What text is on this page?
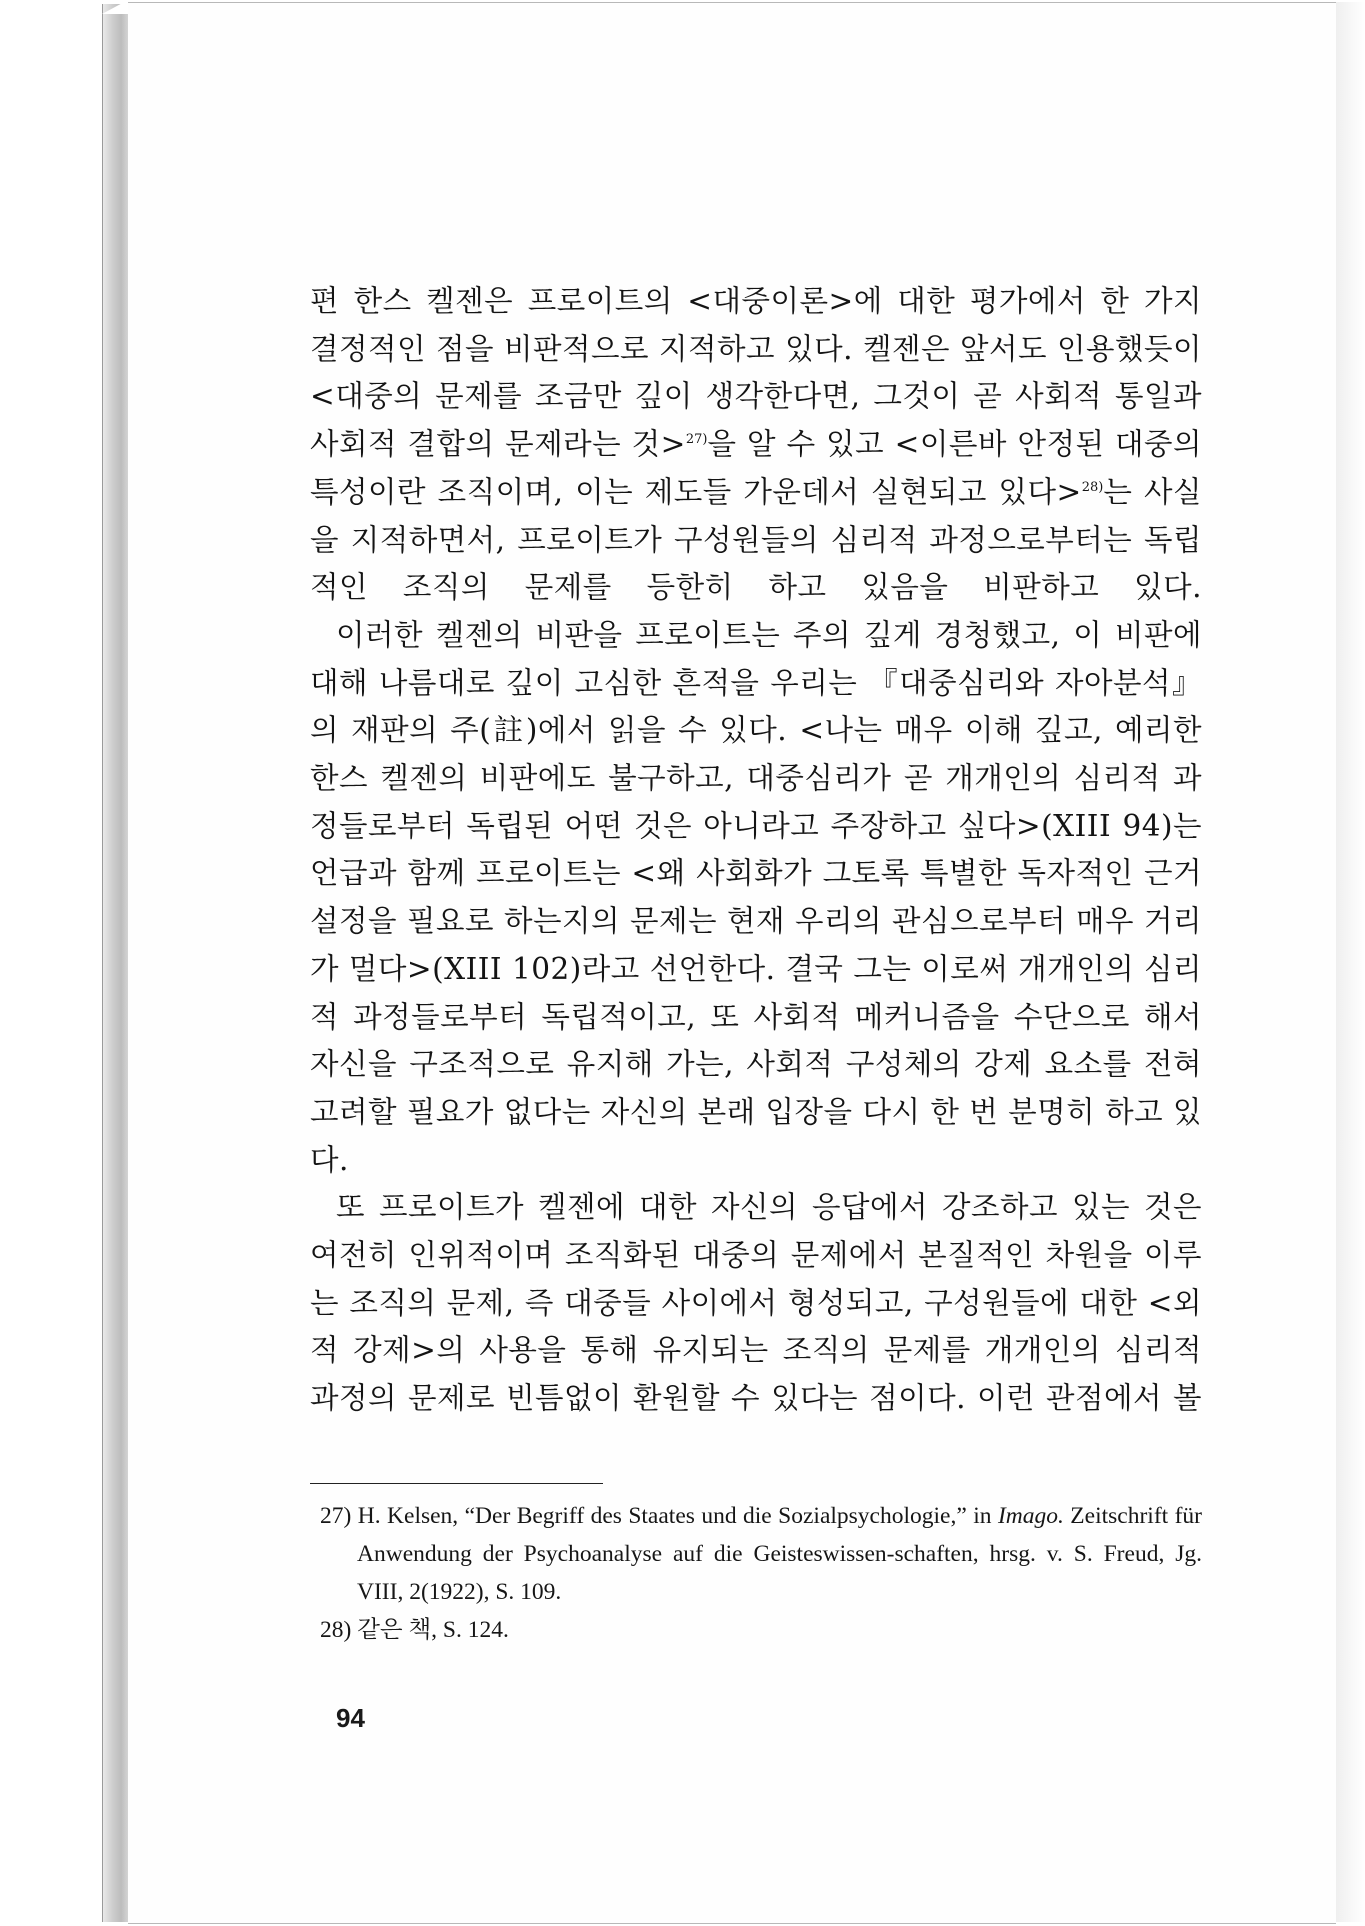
편 한스 켈젠은 프로이트의 <대중이론>에 대한 평가에서 한 가지 결정적인 점을 비판적으로 지적하고 있다. 켈젠은 앞서도 인용했듯이 <대중의 문제를 조금만 깊이 생각한다면, 그것이 곧 사회적 통일과 사회적 결합의 문제라는 것>$^{27)}$을 알 수 있고 <이른바 안정된 대중의 특성이란 조직이며, 이는 제도들 가운데서 실현되고 있다>$^{28)}$는 사실을 지적하면서, 프로이트가 구성원들의 심리적 과정으로부터는 독립적인 조직의 문제를 등한히 하고 있음을 비판하고 있다.

이러한 켈젠의 비판을 프로이트는 주의 깊게 경청했고, 이 비판에 대해 나름대로 깊이 고심한 흔적을 우리는 『대중심리와 자아분석』의 재판의 주(註)에서 읽을 수 있다. <나는 매우 이해 깊고, 예리한 한스 켈젠의 비판에도 불구하고, 대중심리가 곧 개개인의 심리적 과정들로부터 독립된 어떤 것은 아니라고 주장하고 싶다>(XIII 94)는 언급과 함께 프로이트는 <왜 사회화가 그토록 특별한 독자적인 근거설정을 필요로 하는지의 문제는 현재 우리의 관심으로부터 매우 거리가 멀다>(XIII 102)라고 선언한다. 결국 그는 이로써 개개인의 심리적 과정들로부터 독립적이고, 또 사회적 메커니즘을 수단으로 해서 자신을 구조적으로 유지해 가는, 사회적 구성체의 강제 요소를 전혀 고려할 필요가 없다는 자신의 본래 입장을 다시 한 번 분명히 하고 있다.

또 프로이트가 켈젠에 대한 자신의 응답에서 강조하고 있는 것은 여전히 인위적이며 조직화된 대중의 문제에서 본질적인 차원을 이루는 조직의 문제, 즉 대중들 사이에서 형성되고, 구성원들에 대한 <외적 강제>의 사용을 통해 유지되는 조직의 문제를 개개인의 심리적 과정의 문제로 빈틈없이 환원할 수 있다는 점이다. 이런 관점에서 볼

27) H. Kelsen, “Der Begriff des Staates und die Sozialpsychologie,” in Imago. Zeitschrift für Anwendung der Psychoanalyse auf die Geisteswissen-schaften, hrsg. v. S. Freud, Jg. VIII, 2(1922), S. 109.

28) 같은 책, S. 124.

94
